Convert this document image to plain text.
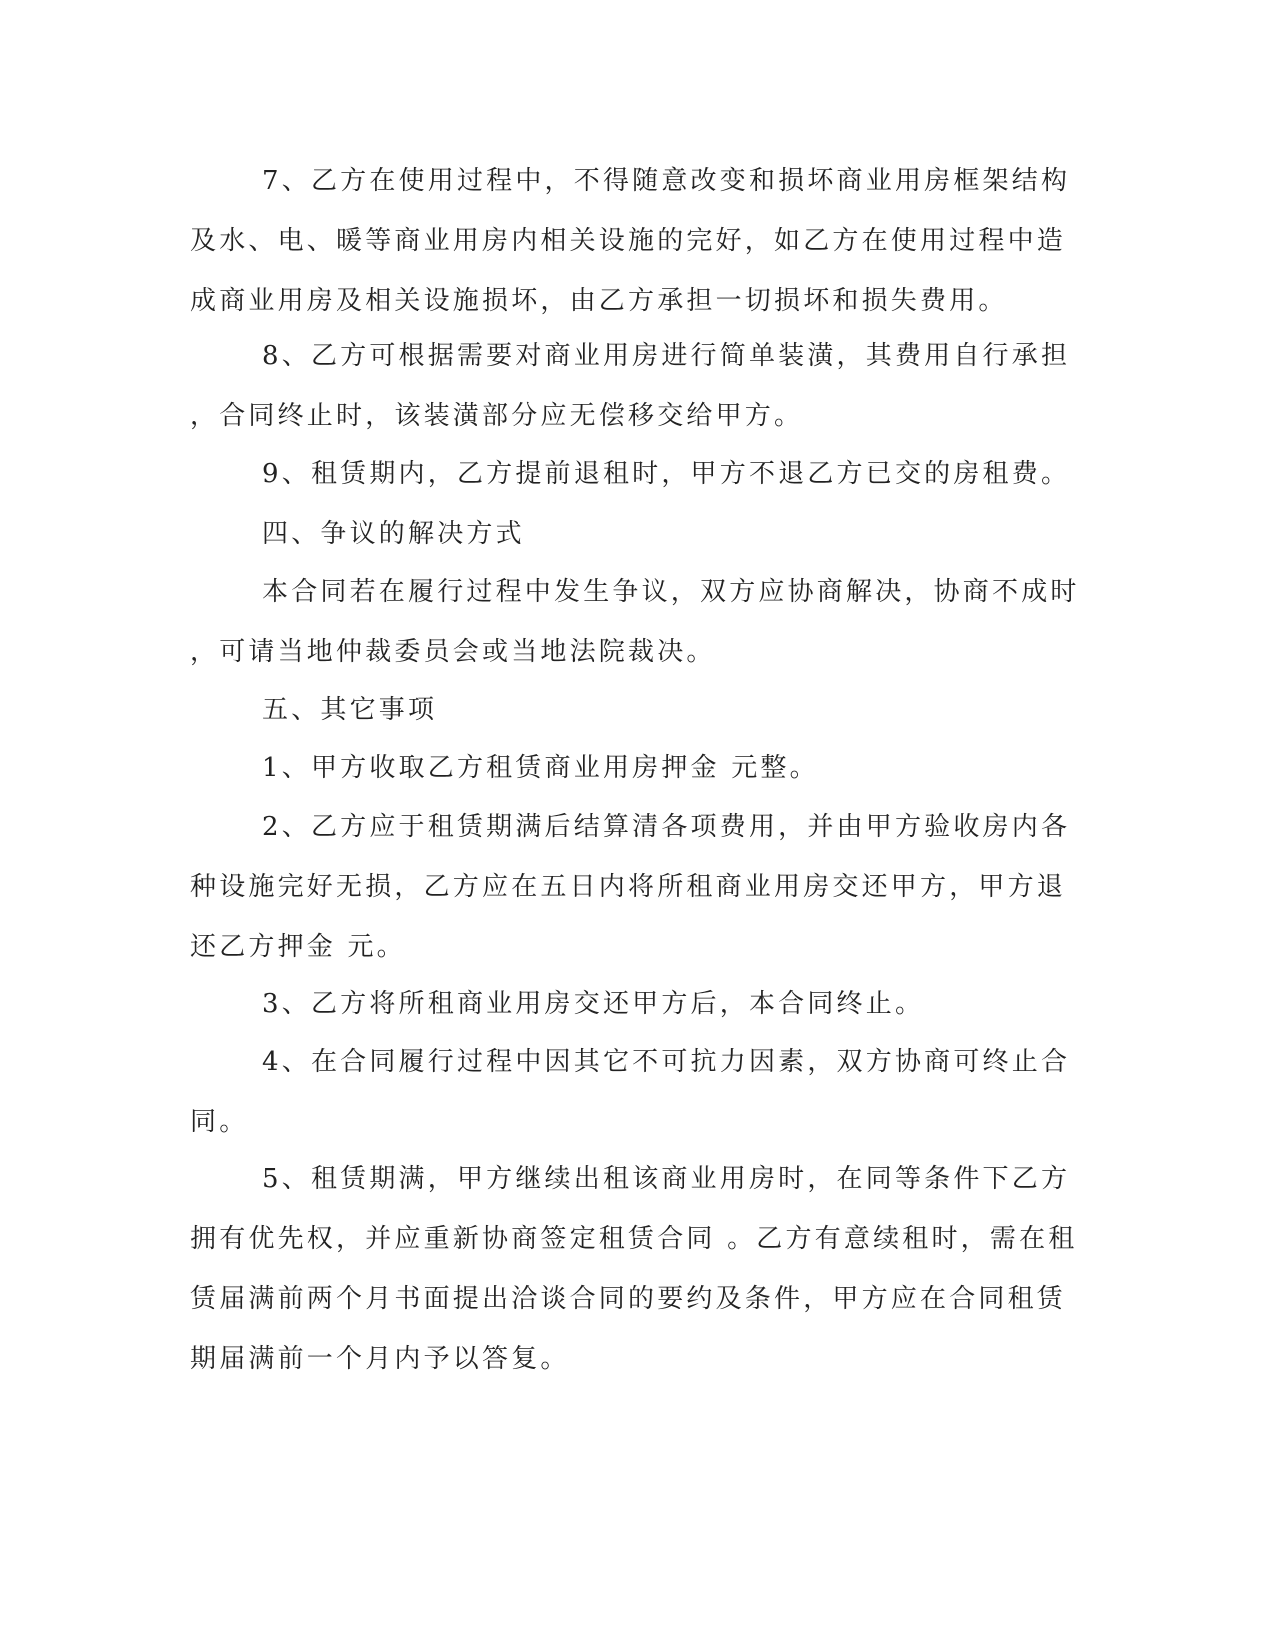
7、乙方在使用过程中，不得随意改变和损坏商业用房框架结构
及水、电、暖等商业用房内相关设施的完好，如乙方在使用过程中造
成商业用房及相关设施损坏，由乙方承担一切损坏和损失费用。
8、乙方可根据需要对商业用房进行简单装潢，其费用自行承担
，合同终止时，该装潢部分应无偿移交给甲方。
9、租赁期内，乙方提前退租时，甲方不退乙方已交的房租费。
四、争议的解决方式
本合同若在履行过程中发生争议，双方应协商解决，协商不成时
，可请当地仲裁委员会或当地法院裁决。
五、其它事项
1、甲方收取乙方租赁商业用房押金 元整。
2、乙方应于租赁期满后结算清各项费用，并由甲方验收房内各
种设施完好无损，乙方应在五日内将所租商业用房交还甲方，甲方退
还乙方押金 元。
3、乙方将所租商业用房交还甲方后，本合同终止。
4、在合同履行过程中因其它不可抗力因素，双方协商可终止合
同。
5、租赁期满，甲方继续出租该商业用房时，在同等条件下乙方
拥有优先权，并应重新协商签定租赁合同 。乙方有意续租时，需在租
赁届满前两个月书面提出洽谈合同的要约及条件，甲方应在合同租赁
期届满前一个月内予以答复。
